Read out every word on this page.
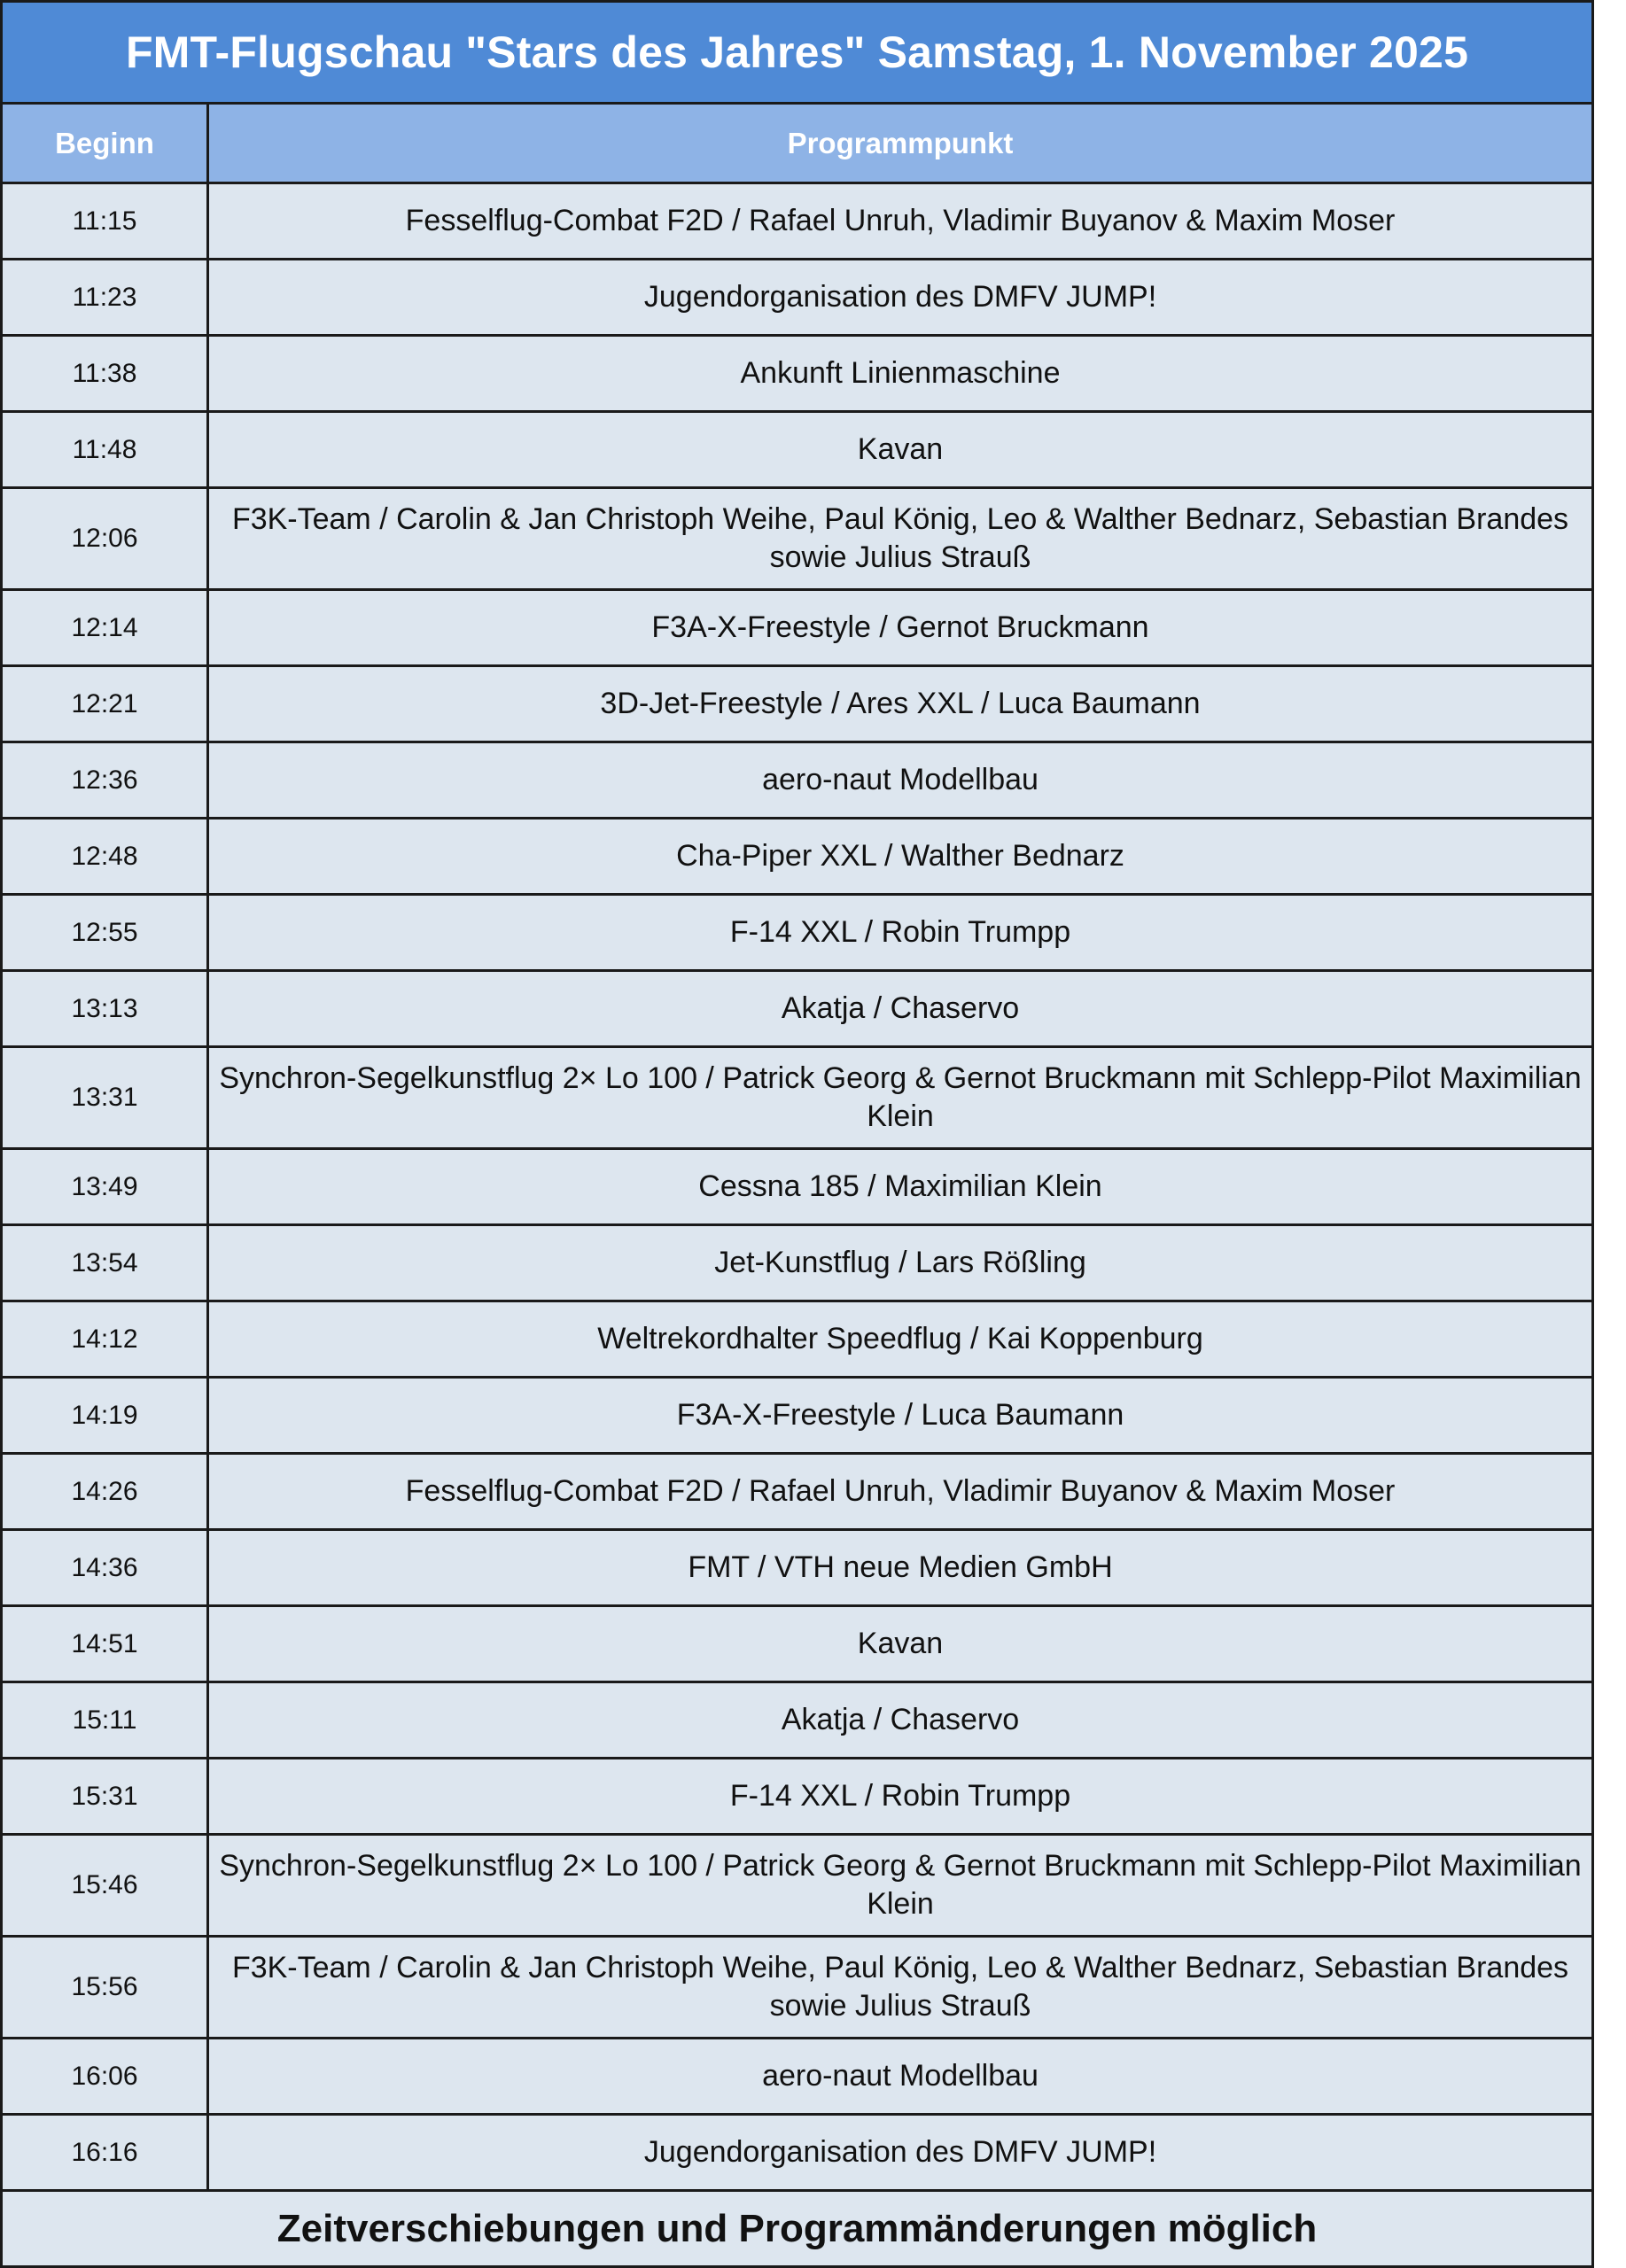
FMT-Flugschau "Stars des Jahres" Samstag, 1. November 2025	
Beginn	Programmpunkt
11:15	Fesselflug-Combat F2D / Rafael Unruh, Vladimir Buyanov & Maxim Moser
11:23	Jugendorganisation des DMFV JUMP!
11:38	Ankunft Linienmaschine
11:48	Kavan
12:06	F3K-Team / Carolin & Jan Christoph Weihe, Paul König, Leo & Walther Bednarz, Sebastian Brandes sowie Julius Strauß
12:14	F3A-X-Freestyle / Gernot Bruckmann
12:21	3D-Jet-Freestyle / Ares XXL / Luca Baumann
12:36	aero-naut Modellbau
12:48	Cha-Piper XXL / Walther Bednarz
12:55	F-14 XXL / Robin Trumpp
13:13	Akatja / Chaservo
13:31	Synchron-Segelkunstflug 2× Lo 100 / Patrick Georg & Gernot Bruckmann mit Schlepp-Pilot Maximilian Klein
13:49	Cessna 185 / Maximilian Klein
13:54	Jet-Kunstflug / Lars Rößling
14:12	Weltrekordhalter Speedflug / Kai Koppenburg
14:19	F3A-X-Freestyle / Luca Baumann
14:26	Fesselflug-Combat F2D / Rafael Unruh, Vladimir Buyanov & Maxim Moser
14:36	FMT / VTH neue Medien GmbH
14:51	Kavan
15:11	Akatja / Chaservo
15:31	F-14 XXL / Robin Trumpp
15:46	Synchron-Segelkunstflug 2× Lo 100 / Patrick Georg & Gernot Bruckmann mit Schlepp-Pilot Maximilian Klein
15:56	F3K-Team / Carolin & Jan Christoph Weihe, Paul König, Leo & Walther Bednarz, Sebastian Brandes sowie Julius Strauß
16:06	aero-naut Modellbau
16:16	Jugendorganisation des DMFV JUMP!
Zeitverschiebungen und Programmänderungen möglich	
